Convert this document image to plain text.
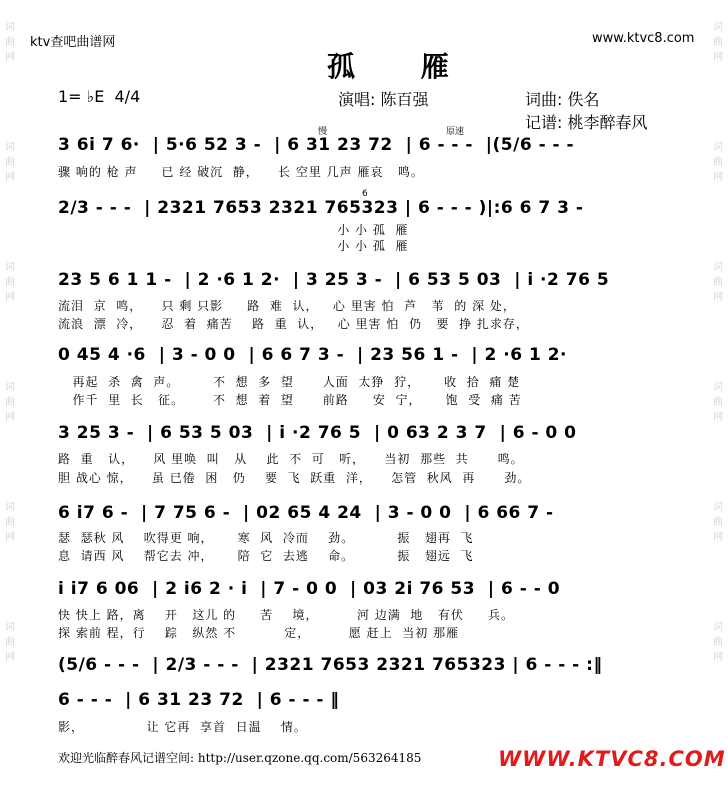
词曲网
词曲网
词曲网
词曲网
词曲网
词曲网
词曲网
词曲网
词曲网
词曲网
词曲网
词曲网
ktv查吧曲谱网	www.ktvc8.com
孤 雁
1= ♭E  4/4	演唱: 陈百强	词曲: 佚名
记谱: 桃李醉春风
慢	原速
6
3 6i 7 6·  | 5·6 52 3 -  | 6 31 23 72  | 6 - - -  |(5/6 - - -
骤 响的 枪 声     已 经 破沉  静，    长 空里 几声 雁哀   鸣。
2/3 - - -  | 2321 7653 2321 765323 | 6 - - - )|:6 6 7 3 -
小 小 孤  雁
小 小 孤  雁
23 5 6 1 1 -  | 2 ·6 1 2·  | 3 25 3 -  | 6 53 5 03  | i ·2 76 5
流泪  京  鸣，    只 剩 只影     路  难  认，   心 里害 怕  芦   苇  的 深 处，
流浪  漂  冷，    忍  着  痛苦    路  重  认，   心 里害 怕  仍   要  挣 扎求存，
0 45 4 ·6  | 3 - 0 0  | 6 6 7 3 -  | 23 56 1 -  | 2 ·6 1 2·
再起  杀  禽  声。       不  想  多  望      人面  太狰  狞，     收  拾  痛 楚
作千  里  长   征。      不  想  着  望      前路     安  宁，     饱  受  痛 苦
3 25 3 -  | 6 53 5 03  | i ·2 76 5  | 0 63 2 3 7  | 6 - 0 0
路  重   认，    风 里唤  叫   从    此  不  可   听，    当初  那些  共      鸣。
胆 战心 惊，    虽 已倦  困   仍    要  飞  跃重  洋，    怎管  秋风  再      劲。
6 i7 6 -  | 7 75 6 -  | 02 65 4 24  | 3 - 0 0  | 6 66 7 -
瑟  瑟秋 风    吹得更 响，     寒  风  冷而    劲。         振   翅再  飞
息  请西 风    帮它去 冲，     陪  它  去逃    命。         振   翅远  飞
i i7 6 06  | 2 i6 2 · i  | 7 - 0 0  | 03 2i 76 53  | 6 - - 0
快 快上 路，离    开   这儿 的     苦    境，        河 边满  地   有伏     兵。
探 索前 程，行    踪   纵然 不          定，        愿 赶上  当初 那雁
(5/6 - - -  | 2/3 - - -  | 2321 7653 2321 765323 | 6 - - - :‖
6 - - -  | 6 31 23 72  | 6 - - - ‖
影，             让 它再  享首  日温    情。
欢迎光临醉春风记谱空间: http://user.qzone.qq.com/563264185	WWW.KTVC8.COM
